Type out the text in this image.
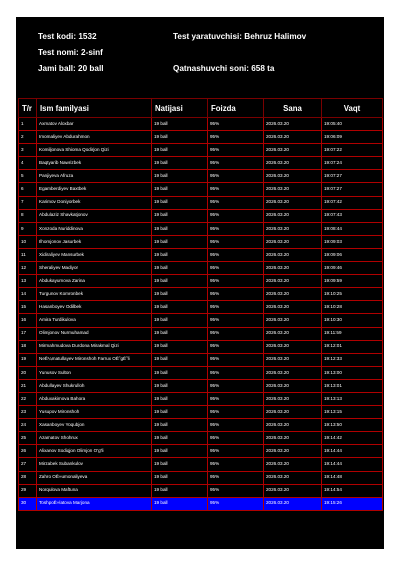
Test kodi: 1532
Test nomi: 2-sinf
Jami ball: 20 ball
Test yaratuvchisi: Behruz Halimov
Qatnashuvchi soni: 658 ta
T/r	Ism familyasi	Natijasi	Foizda	Sana	Vaqt
1	Axmatov Aloxbar	19 ball	95%	2026.03.20	19:05:40
2	Imomaliyev Abdurahmon	19 ball	95%	2026.03.20	19:06:09
3	Komiljonova Shioma Qodirjon Qizi	19 ball	95%	2026.03.20	19:07:22
4	Baqtyarib Nawrizbek	19 ball	95%	2026.03.20	19:07:24
5	Panjiyeva Afruza	19 ball	95%	2026.03.20	19:07:27
6	Egamberdiyev Baxtbek	19 ball	95%	2026.03.20	19:07:27
7	Karimov Doniyorbek	19 ball	95%	2026.03.20	19:07:42
8	Abdulaziz Shavkatjonov	19 ball	95%	2026.03.20	19:07:43
9	Xonzoda Nuriddinova	19 ball	95%	2026.03.20	19:08:44
10	Ilhomjonov Jasurbek	19 ball	95%	2026.03.20	19:09:03
11	Xidiraliyev Mansurbek	19 ball	95%	2026.03.20	19:09:06
12	Sheraliyev Madiyor	19 ball	95%	2026.03.20	19:09:46
13	Abdukayumova Zarina	19 ball	95%	2026.03.20	19:09:59
14	Turgunov Komronbek	19 ball	95%	2026.03.20	19:10:25
15	Hasanboyev Odilbek	19 ball	95%	2026.03.20	19:10:28
16	Amira Turdikulova	19 ball	95%	2026.03.20	19:10:30
17	Olimjonov Nurmuhamad	19 ball	95%	2026.03.20	19:11:59
18	Mirmahmudova Durdona Mirakmal Qizi	19 ball	95%	2026.03.20	19:12:01
19	NeЁ¼matullayev Mironshoh Farrux OЁ˜gЁ˜li	19 ball	95%	2026.03.20	19:12:33
20	Yunusov Sulton	19 ball	95%	2026.03.20	19:13:00
21	Abdullayev Shukrulloh	19 ball	95%	2026.03.20	19:13:01
22	Abduxakimova Bahora	19 ball	95%	2026.03.20	19:13:13
23	Yusupov Mironshoh	19 ball	95%	2026.03.20	19:13:15
24	Xasanboyev Yoqubjon	19 ball	95%	2026.03.20	19:13:50
25	Azamatov Shohrux	19 ball	95%	2026.03.20	19:14:42
26	Alixanov Sodiqjon Olimjon O'g'li	19 ball	95%	2026.03.20	19:14:44
27	Mirzabek Subankulov	19 ball	95%	2026.03.20	19:14:44
28	Zahro OЁ»umonaliyeva	19 ball	95%	2026.03.20	19:14:48
29	Norqulova Maftuna	19 ball	95%	2026.03.20	19:14:54
30	ToshpoЁ»latova Marjona	19 ball	95%	2026.03.20	19:15:26
